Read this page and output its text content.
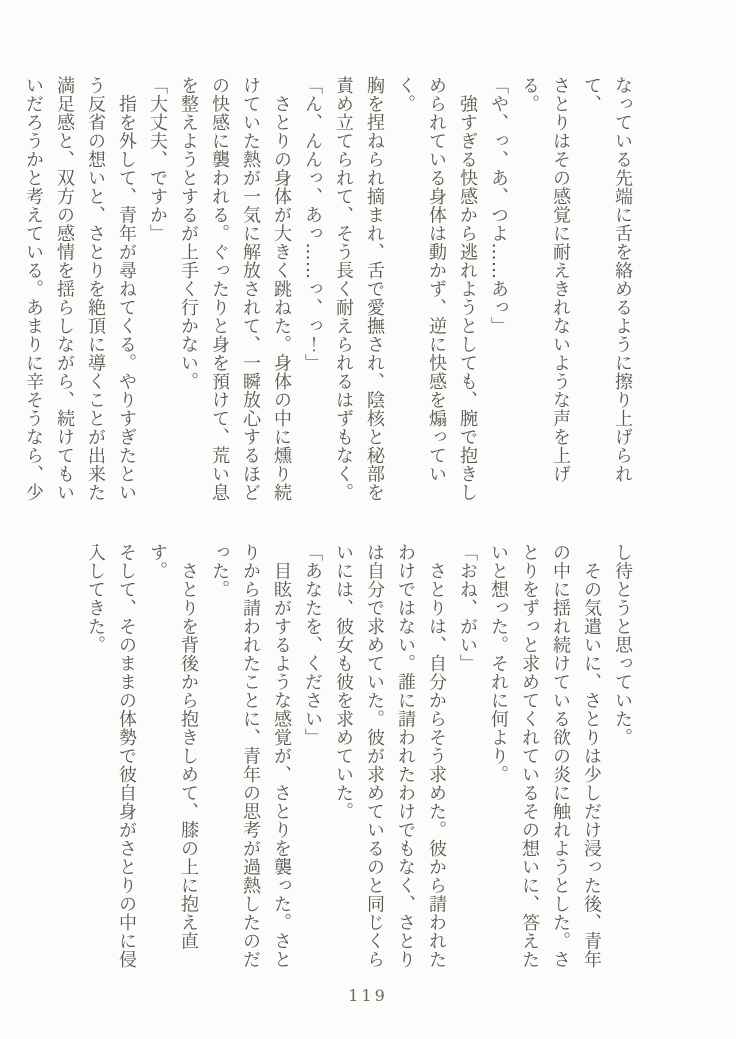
なっている先端に舌を絡めるように擦り上げられて、

さとりはその感覚に耐えきれないような声を上げる。

「や、っ、あ、つよ……あっ」

　強すぎる快感から逃れようとしても、腕で抱きし

められている身体は動かず、逆に快感を煽っていく。

胸を捏ねられ摘まれ、舌で愛撫され、陰核と秘部を

責め立てられて、そう長く耐えられるはずもなく。

「ん、んんっ、あっ……っ、っ！」

　さとりの身体が大きく跳ねた。身体の中に燻り続

けていた熱が一気に解放されて、一瞬放心するほど

の快感に襲われる。ぐったりと身を預けて、荒い息

を整えようとするが上手く行かない。

「大丈夫、ですか」

　指を外して、青年が尋ねてくる。やりすぎたとい

う反省の想いと、さとりを絶頂に導くことが出来た

満足感と、双方の感情を揺らしながら、続けてもい

いだろうかと考えている。あまりに辛そうなら、少

し待とうと思っていた。

　その気遣いに、さとりは少しだけ浸った後、青年

の中に揺れ続けている欲の炎に触れようとした。さ

とりをずっと求めてくれているその想いに、答えた

いと想った。それに何より。

「おね、がい」

　さとりは、自分からそう求めた。彼から請われた

わけではない。誰に請われたわけでもなく、さとり

は自分で求めていた。彼が求めているのと同じくら

いには、彼女も彼を求めていた。

「あなたを、ください」

　目眩がするような感覚が、さとりを襲った。さと

りから請われたことに、青年の思考が過熱したのだ

った。

　さとりを背後から抱きしめて、膝の上に抱え直す。

そして、そのままの体勢で彼自身がさとりの中に侵

入してきた。

119
